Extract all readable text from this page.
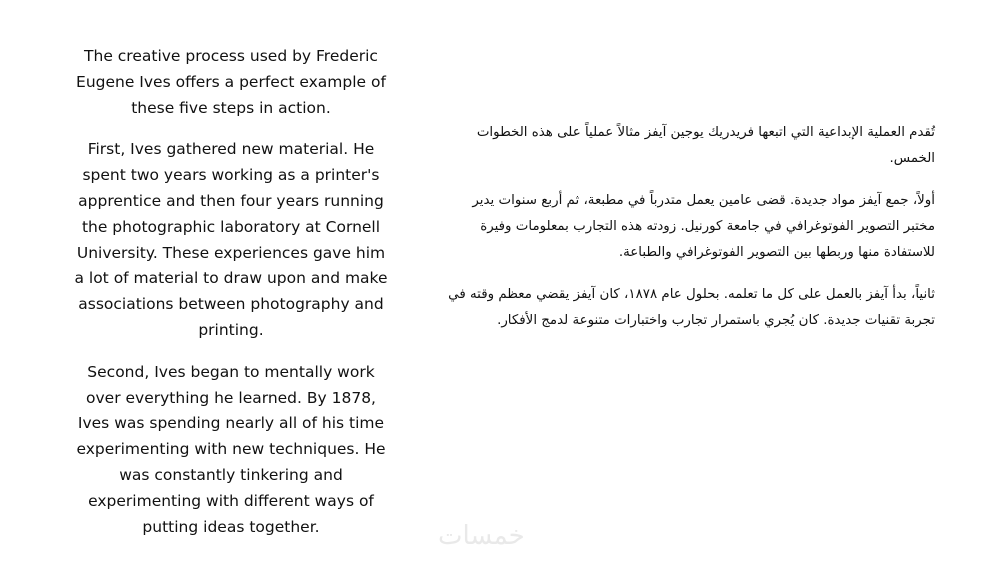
The creative process used by Frederic Eugene Ives offers a perfect example of these five steps in action.

First, Ives gathered new material. He spent two years working as a printer's apprentice and then four years running the photographic laboratory at Cornell University. These experiences gave him a lot of material to draw upon and make associations between photography and printing.

Second, Ives began to mentally work over everything he learned. By 1878, Ives was spending nearly all of his time experimenting with new techniques. He was constantly tinkering and experimenting with different ways of putting ideas together.

تُقدم العملية الإبداعية التي اتبعها فريدريك يوجين آيفز مثالاً عملياً على هذه الخطوات الخمس.

أولاً، جمع آيفز مواد جديدة. قضى عامين يعمل متدرباً في مطبعة، ثم أربع سنوات يدير مختبر التصوير الفوتوغرافي في جامعة كورنيل. زودته هذه التجارب بمعلومات وفيرة للاستفادة منها وربطها بين التصوير الفوتوغرافي والطباعة.

ثانياً، بدأ آيفز بالعمل على كل ما تعلمه. بحلول عام ١٨٧٨، كان آيفز يقضي معظم وقته في تجربة تقنيات جديدة. كان يُجري باستمرار تجارب واختبارات متنوعة لدمج الأفكار.

خمسات
